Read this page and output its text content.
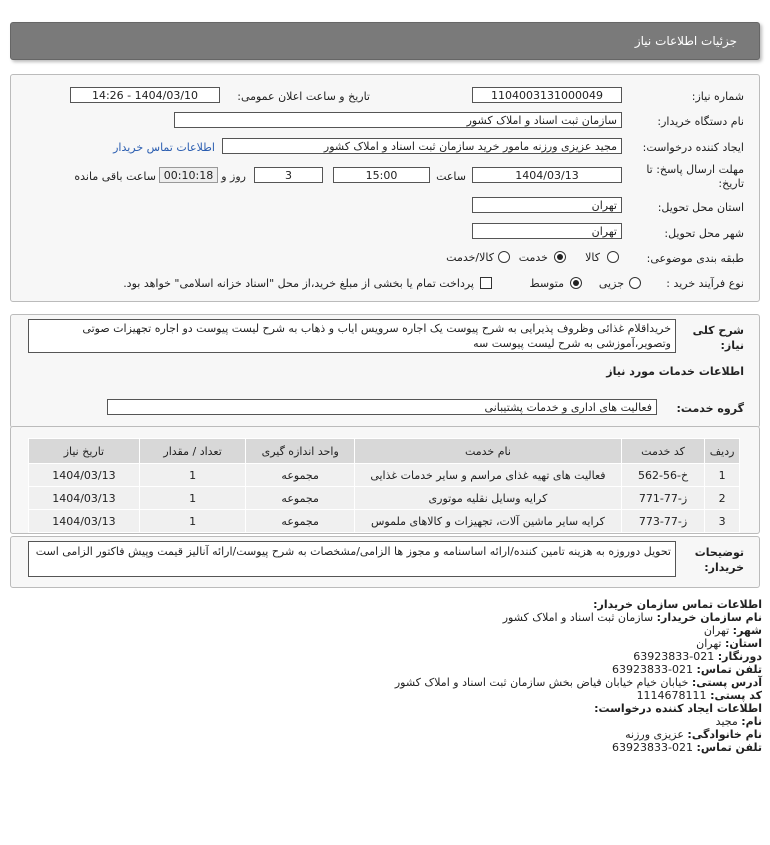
جزئیات اطلاعات نیاز
شماره نیاز:
1104003131000049
تاریخ و ساعت اعلان عمومی:
1404/03/10 - 14:26
نام دستگاه خریدار:
سازمان ثبت اسناد و املاک کشور
ایجاد کننده درخواست:
مجید عزیزی ورزنه مامور خرید سازمان ثبت اسناد و املاک کشور
اطلاعات تماس خریدار
مهلت ارسال پاسخ: تا
تاریخ:
1404/03/13
ساعت
15:00
3
روز و
00:10:18
ساعت باقی مانده
استان محل تحویل:
تهران
شهر محل تحویل:
تهران
طبقه بندی موضوعی:
کالا
خدمت
کالا/خدمت
نوع فرآیند خرید :
جزیی
متوسط
پرداخت تمام یا بخشی از مبلغ خرید،از محل "اسناد خزانه اسلامی" خواهد بود.
شرح کلی
نیاز:
خریداقلام غذائی وظروف پذیرایی به شرح پیوست یک اجاره سرویس ایاب و ذهاب به شرح لیست پیوست دو اجاره تجهیزات صوتی وتصویر،آموزشی به شرح لیست پیوست سه
اطلاعات خدمات مورد نیاز
گروه خدمت:
فعالیت های اداری و خدمات پشتیبانی
ردیف	کد خدمت	نام خدمت	واحد اندازه گیری	تعداد / مقدار	تاریخ نیاز
1	خ-56-562	فعالیت های تهیه غذای مراسم و سایر خدمات غذایی	مجموعه	1	1404/03/13
2	ز-77-771	کرایه وسایل نقلیه موتوری	مجموعه	1	1404/03/13
3	ز-77-773	کرایه سایر ماشین آلات، تجهیزات و کالاهای ملموس	مجموعه	1	1404/03/13
توضیحات
خریدار:
تحویل دوروزه به هزینه تامین کننده/ارائه اساسنامه و مجوز ها الزامی/مشخصات به شرح پیوست/ارائه آنالیز قیمت وپیش فاکتور الزامی است
اطلاعات تماس سازمان خریدار:
نام سازمان خریدار: سازمان ثبت اسناد و املاک کشور
شهر: تهران
استان: تهران
دورنگار: 021-63923833
تلفن تماس: 021-63923833
آدرس پستی: خیابان خیام خیابان فیاض بخش سازمان ثبت اسناد و املاک کشور
کد پستی: 1114678111
اطلاعات ایجاد کننده درخواست:
نام: مجید
نام خانوادگی: عزیزی ورزنه
تلفن تماس: 021-63923833
